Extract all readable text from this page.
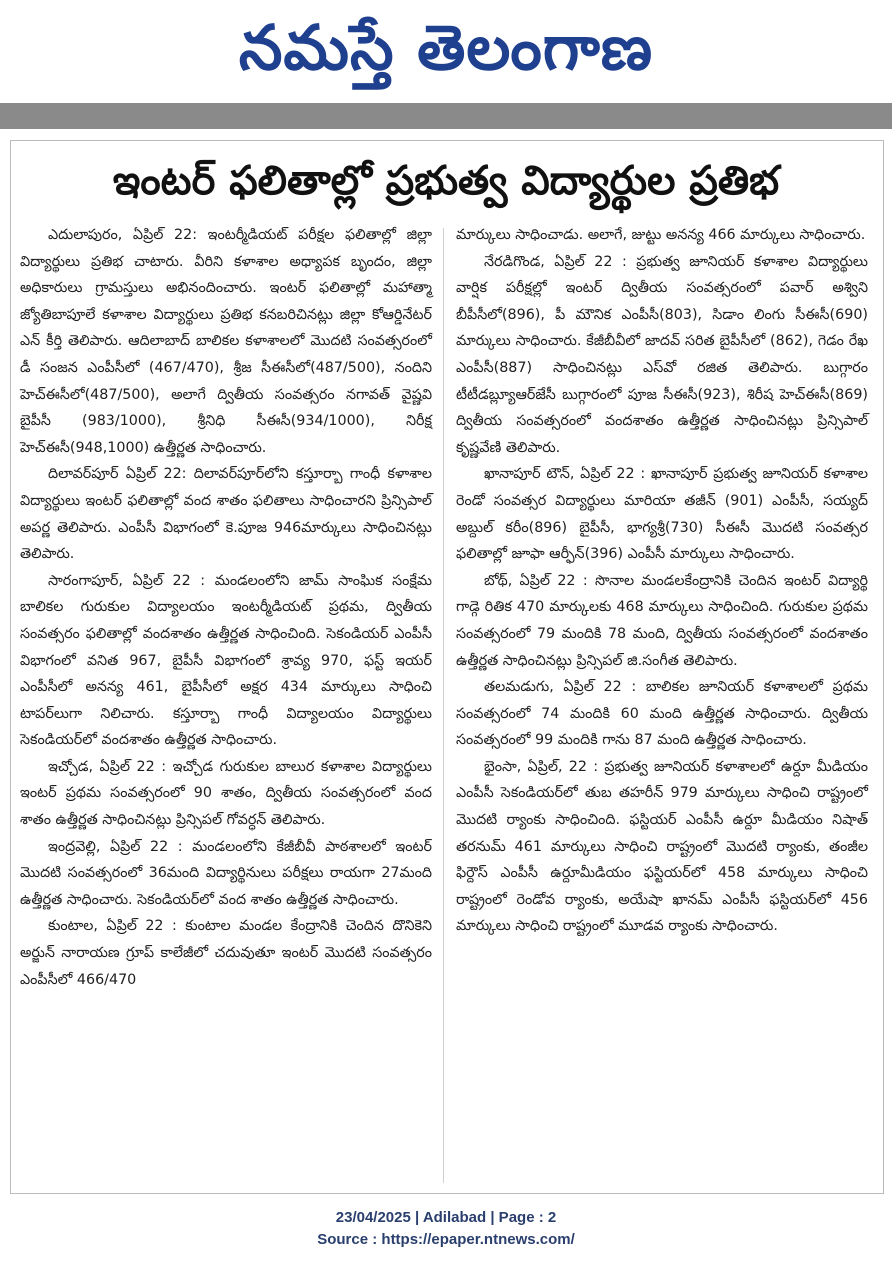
నమస్తే తెలంగాణ
ఇంటర్ ఫలితాల్లో ప్రభుత్వ విద్యార్థుల ప్రతిభ

ఎదులాపురం, ఏప్రిల్ 22: ఇంటర్మీడియట్ పరీక్షల ఫలితాల్లో జిల్లా విద్యార్థులు ప్రతిభ చాటారు. వీరిని కళాశాల అధ్యాపక బృందం, జిల్లా అధికారులు గ్రామస్తులు అభినందించారు. ఇంటర్ ఫలితాల్లో మహాత్మా జ్యోతిబాపూలే కళాశాల విద్యార్థులు ప్రతిభ కనబరిచినట్లు జిల్లా కోఆర్డినేటర్ ఎన్ కీర్తి తెలిపారు. ఆదిలాబాద్ బాలికల కళాశాలలో మొదటి సంవత్సరంలో డీ సంజన ఎంపీసీలో (467/470), శ్రీజ సీఈసీలో(487/500), నందిని హెచ్ఈసీలో(487/500), అలాగే ద్వితీయ సంవత్సరం నగావత్ వైష్ణవి బైపీసీ (983/1000), శ్రీనిధి సీఈసీ(934/1000), నిరీక్ష హెచ్ఈసీ(948,1000) ఉత్తీర్ణత సాధించారు.

దిలావర్‌పూర్ ఏప్రిల్ 22: దిలావర్‌పూర్‌లోని కస్తూర్బా గాంధీ కళాశాల విద్యార్థులు ఇంటర్ ఫలితాల్లో వంద శాతం ఫలితాలు సాధించారని ప్రిన్సిపాల్ అపర్ణ తెలిపారు. ఎంపీసీ విభాగంలో కె.పూజ 946మార్కులు సాధించినట్లు తెలిపారు.

సారంగాపూర్, ఏప్రిల్ 22 : మండలంలోని జామ్ సాంఘిక సంక్షేమ బాలికల గురుకుల విద్యాలయం ఇంటర్మీడియట్ ప్రథమ, ద్వితీయ సంవత్సరం ఫలితాల్లో వందశాతం ఉత్తీర్ణత సాధించింది. సెకండియర్ ఎంపీసీ విభాగంలో వనిత 967, బైపీసీ విభాగంలో శ్రావ్య 970, ఫస్ట్ ఇయర్ ఎంపీసీలో అనన్య 461, బైపీసీలో అక్షర 434 మార్కులు సాధించి టాపర్‌లుగా నిలిచారు. కస్తూర్బా గాంధీ విద్యాలయం విద్యార్థులు సెకండియర్‌లో వందశాతం ఉత్తీర్ణత సాధించారు.

ఇచ్చోడ, ఏప్రిల్ 22 : ఇచ్చోడ గురుకుల బాలుర కళాశాల విద్యార్థులు ఇంటర్ ప్రథమ సంవత్సరంలో 90 శాతం, ద్వితీయ సంవత్సరంలో వంద శాతం ఉత్తీర్ణత సాధించినట్లు ప్రిన్సిపల్ గోవర్ధన్ తెలిపారు.

ఇంద్రవెల్లి, ఏప్రిల్ 22 : మండలంలోని కేజీబీవీ పాఠశాలలో ఇంటర్ మొదటి సంవత్సరంలో 36మంది విద్యార్థినులు పరీక్షలు రాయగా 27మంది ఉత్తీర్ణత సాధించారు. సెకండియర్‌లో వంద శాతం ఉత్తీర్ణత సాధించారు.

కుంటాల, ఏప్రిల్ 22 : కుంటాల మండల కేంద్రానికి చెందిన దొనికెని అర్జున్ నారాయణ గ్రూప్ కాలేజీలో చదువుతూ ఇంటర్ మొదటి సంవత్సరం ఎంపీసీలో 466/470

మార్కులు సాధించాడు. అలాగే, జుట్టు అనన్య 466 మార్కులు సాధించారు.

నేరడిగొండ, ఏప్రిల్ 22 : ప్రభుత్వ జూనియర్ కళాశాల విద్యార్థులు వార్షిక పరీక్షల్లో ఇంటర్ ద్వితీయ సంవత్సరంలో పవార్ అశ్విని బీపీసీలో(896), పీ మౌనిక ఎంపీసీ(803), సిడాం లింగు సీఈసీ(690) మార్కులు సాధించారు. కేజీబీవీలో జాదవ్ సరిత బైపీసీలో (862), గెడం రేఖ ఎంపీసీ(887) సాధించినట్లు ఎస్‌వో రజిత తెలిపారు. బుగ్గారం టీటీడబ్ల్యూఆర్‌జేసీ బుగ్గారంలో పూజ సీఈసీ(923), శిరీష హెచ్ఈసీ(869) ద్వితీయ సంవత్సరంలో వందశాతం ఉత్తీర్ణత సాధించినట్లు ప్రిన్సిపాల్ కృష్ణవేణి తెలిపారు.

ఖానాపూర్ టౌన్, ఏప్రిల్ 22 : ఖానాపూర్ ప్రభుత్వ జూనియర్ కళాశాల రెండో సంవత్సర విద్యార్థులు మారియా తజీన్ (901) ఎంపీసీ, సయ్యద్ అబ్దుల్ కరీం(896) బైపీసీ, భాగ్యశ్రీ(730) సీఈసీ మొదటి సంవత్సర ఫలితాల్లో జూఫా ఆర్ఫీన్(396) ఎంపీసీ మార్కులు సాధించారు.

బోథ్, ఏప్రిల్ 22 : సొనాల మండలకేంద్రానికి చెందిన ఇంటర్ విద్యార్థి గాడ్గె రితిక 470 మార్కులకు 468 మార్కులు సాధించింది. గురుకుల ప్రథమ సంవత్సరంలో 79 మందికి 78 మంది, ద్వితీయ సంవత్సరంలో వందశాతం ఉత్తీర్ణత సాధించినట్లు ప్రిన్సిపల్ జి.సంగీత తెలిపారు.

తలమడుగు, ఏప్రిల్ 22 : బాలికల జూనియర్ కళాశాలలో ప్రథమ సంవత్సరంలో 74 మందికి 60 మంది ఉత్తీర్ణత సాధించారు. ద్వితీయ సంవత్సరంలో 99 మందికి గాను 87 మంది ఉత్తీర్ణత సాధించారు.

భైంసా, ఏప్రిల్, 22 : ప్రభుత్వ జూనియర్ కళాశాలలో ఉర్దూ మీడియం ఎంపీసీ సెకండియర్‌లో తుబ తహరీన్ 979 మార్కులు సాధించి రాష్ట్రంలో మొదటి ర్యాంకు సాధించింది. ఫస్టియర్ ఎంపీసీ ఉర్దూ మీడియం నిషాత్ తరనుమ్ 461 మార్కులు సాధించి రాష్ట్రంలో మొదటి ర్యాంకు, తంజీల ఫిర్దౌస్ ఎంపీసీ ఉర్దూమీడియం ఫస్టియర్‌లో 458 మార్కులు సాధించి రాష్ట్రంలో రెండోవ ర్యాంకు, అయేషా ఖానమ్ ఎంపీసీ ఫస్టియర్‌లో 456 మార్కులు సాధించి రాష్ట్రంలో మూడవ ర్యాంకు సాధించారు.

23/04/2025 | Adilabad | Page : 2
Source : https://epaper.ntnews.com/
